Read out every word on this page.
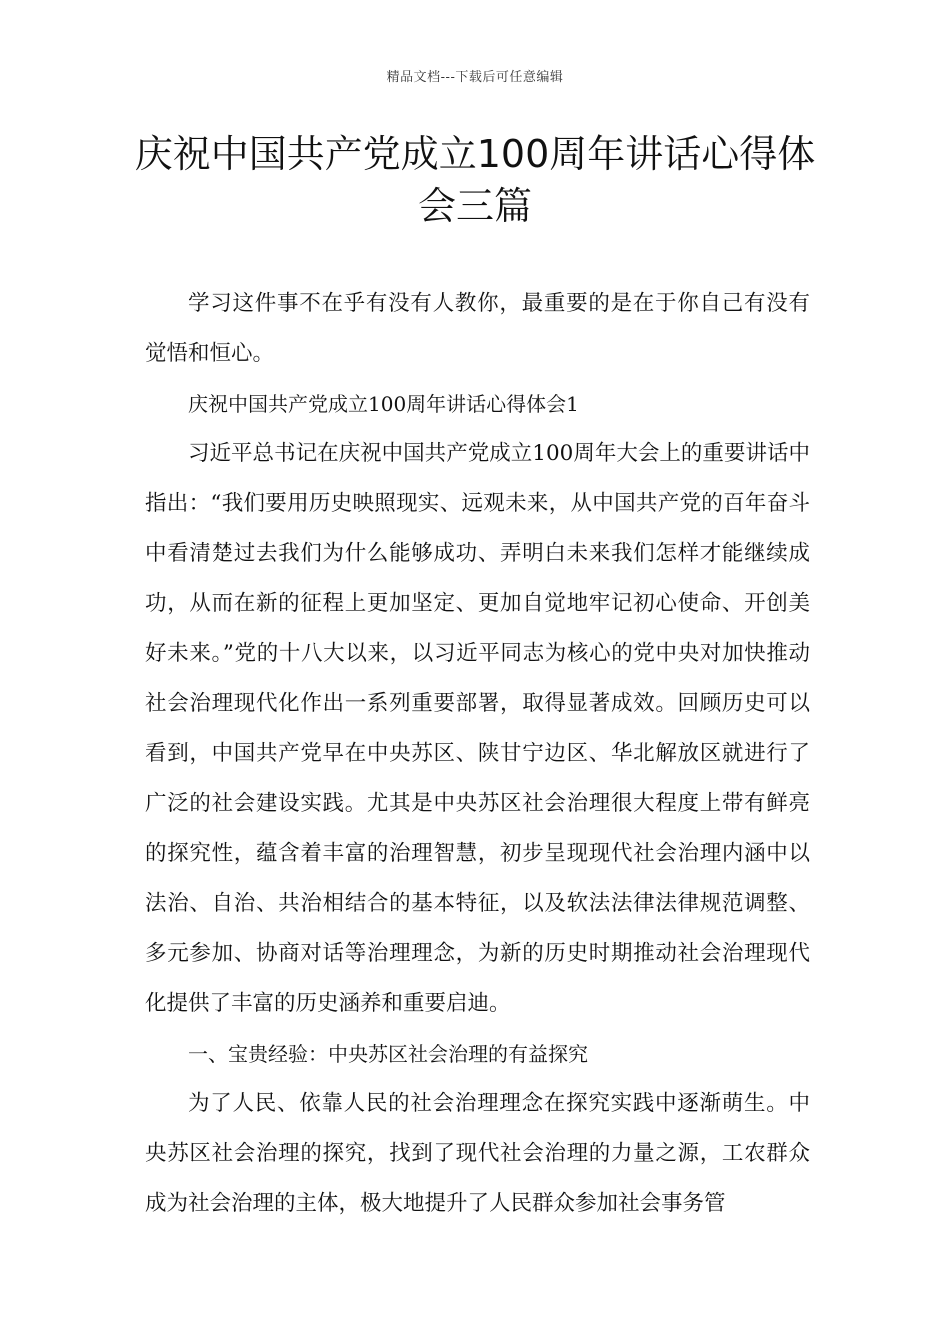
精品文档---下载后可任意编辑
庆祝中国共产党成立100周年讲话心得体会三篇

学习这件事不在乎有没有人教你，最重要的是在于你自己有没有觉悟和恒心。

庆祝中国共产党成立100周年讲话心得体会1

习近平总书记在庆祝中国共产党成立100周年大会上的重要讲话中指出：“我们要用历史映照现实、远观未来，从中国共产党的百年奋斗中看清楚过去我们为什么能够成功、弄明白未来我们怎样才能继续成功，从而在新的征程上更加坚定、更加自觉地牢记初心使命、开创美好未来。”党的十八大以来，以习近平同志为核心的党中央对加快推动社会治理现代化作出一系列重要部署，取得显著成效。回顾历史可以看到，中国共产党早在中央苏区、陕甘宁边区、华北解放区就进行了广泛的社会建设实践。尤其是中央苏区社会治理很大程度上带有鲜亮的探究性，蕴含着丰富的治理智慧，初步呈现现代社会治理内涵中以法治、自治、共治相结合的基本特征，以及软法法律法律规范调整、多元参加、协商对话等治理理念，为新的历史时期推动社会治理现代化提供了丰富的历史涵养和重要启迪。

一、宝贵经验：中央苏区社会治理的有益探究

为了人民、依靠人民的社会治理理念在探究实践中逐渐萌生。中央苏区社会治理的探究，找到了现代社会治理的力量之源，工农群众成为社会治理的主体，极大地提升了人民群众参加社会事务管
